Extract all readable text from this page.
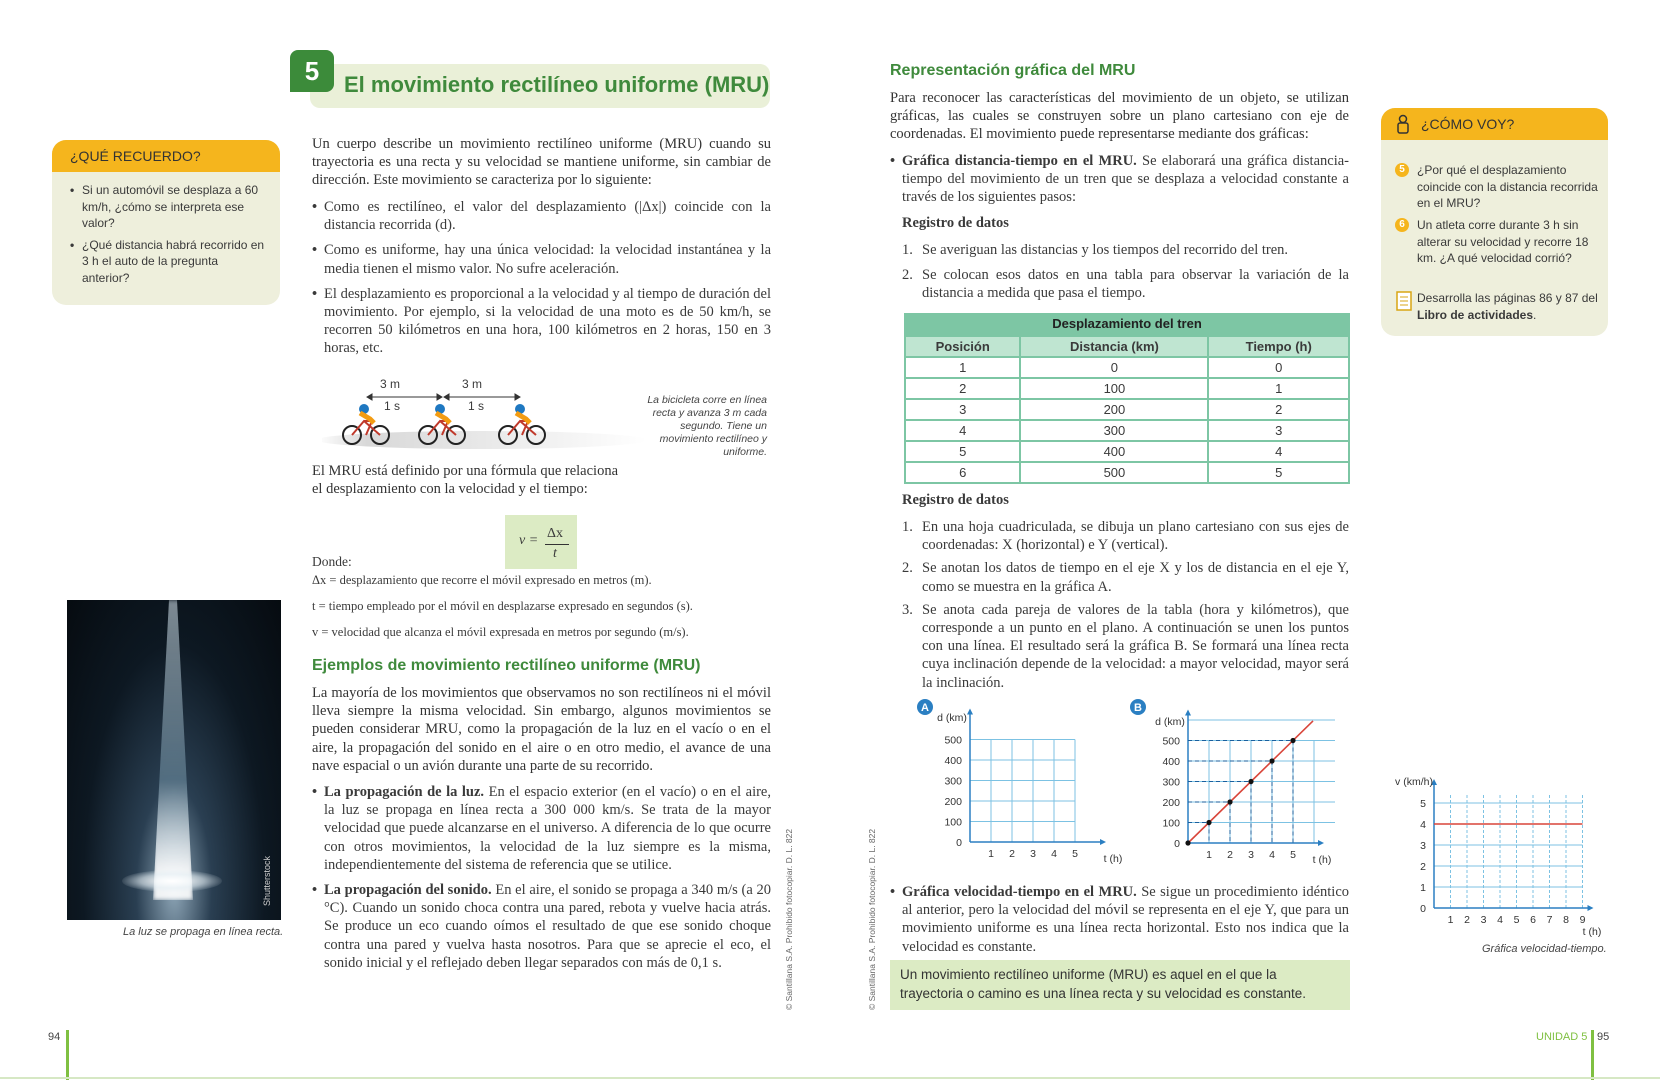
5	El movimiento rectilíneo uniforme (MRU)
¿QUÉ RECUERDO?
• Si un automóvil se desplaza a 60 km/h, ¿cómo se interpreta ese valor?
• ¿Qué distancia habrá recorrido en 3 h el auto de la pregunta anterior?

Un cuerpo describe un movimiento rectilíneo uniforme (MRU) cuando su trayectoria es una recta y su velocidad se mantiene uniforme, sin cambiar de dirección. Este movimiento se caracteriza por lo siguiente:

• Como es rectilíneo, el valor del desplazamiento (|Δx|) coincide con la distancia recorrida (d).
• Como es uniforme, hay una única velocidad: la velocidad instantánea y la media tienen el mismo valor. No sufre aceleración.
• El desplazamiento es proporcional a la velocidad y al tiempo de duración del movimiento. Por ejemplo, si la velocidad de una moto es de 50 km/h, se recorren 50 kilómetros en una hora, 100 kilómetros en 2 horas, 150 en 3 horas, etc.
3 m
1 s
3 m
1 s	La bicicleta corre en línea recta y avanza 3 m cada segundo. Tiene un movimiento rectilíneo y uniforme.

El MRU está definido por una fórmula que relaciona el desplazamiento con la velocidad y el tiempo:

v = Δx
t
Donde:
Δx = desplazamiento que recorre el móvil expresado en metros (m).
t = tiempo empleado por el móvil en desplazarse expresado en segundos (s).
v = velocidad que alcanza el móvil expresada en metros por segundo (m/s).
Ejemplos de movimiento rectilíneo uniforme (MRU)

La mayoría de los movimientos que observamos no son rectilíneos ni el móvil lleva siempre la misma velocidad. Sin embargo, algunos movimientos se pueden considerar MRU, como la propagación de la luz en el vacío o en el aire, la propagación del sonido en el aire o en otro medio, el avance de una nave espacial o un avión durante una parte de su recorrido.

• La propagación de la luz. En el espacio exterior (en el vacío) o en el aire, la luz se propaga en línea recta a 300 000 km/s. Se trata de la mayor velocidad que puede alcanzarse en el universo. A diferencia de lo que ocurre con otros movimientos, la velocidad de la luz siempre es la misma, independientemente del sistema de referencia que se utilice.
• La propagación del sonido. En el aire, el sonido se propaga a 340 m/s (a 20 °C). Cuando un sonido choca contra una pared, rebota y vuelve hacia atrás. Se produce un eco cuando oímos el resultado de que ese sonido choque contra una pared y vuelva hasta nosotros. Para que se aprecie el eco, el sonido inicial y el reflejado deben llegar separados con más de 0,1 s.
Shutterstock
La luz se propaga en línea recta.	© Santillana S.A. Prohibido fotocopiar. D. L. 822
94
Representación gráfica del MRU

Para reconocer las características del movimiento de un objeto, se utilizan gráficas, las cuales se construyen sobre un plano cartesiano con eje de coordenadas. El movimiento puede representarse mediante dos gráficas:

• Gráfica distancia-tiempo en el MRU. Se elaborará una gráfica distancia-tiempo del movimiento de un tren que se desplaza a velocidad constante a través de los siguientes pasos:
Registro de datos
1. Se averiguan las distancias y los tiempos del recorrido del tren.
2. Se colocan esos datos en una tabla para observar la variación de la distancia a medida que pasa el tiempo.
Desplazamiento del tren
Posición	Distancia (km)	Tiempo (h)
1	0	0
2	100	1
3	200	2
4	300	3
5	400	4
6	500	5
Registro de datos
1. En una hoja cuadriculada, se dibuja un plano cartesiano con sus ejes de coordenadas: X (horizontal) e Y (vertical).
2. Se anotan los datos de tiempo en el eje X y los de distancia en el eje Y, como se muestra en la gráfica A.
3. Se anota cada pareja de valores de la tabla (hora y kilómetros), que corresponde a un punto en el plano. A continuación se unen los puntos con una línea. El resultado será la gráfica B. Se formará una línea recta cuya inclinación depende de la velocidad: a mayor velocidad, mayor será la inclinación.
A
1 2 3 4 5
0
100
200
300
400
500
d (km)
t (h)
B
1 2 3 4 5
0
100
200
300
400
500
d (km)
t (h)
• Gráfica velocidad-tiempo en el MRU. Se sigue un procedimiento idéntico al anterior, pero la velocidad del móvil se representa en el eje Y, que para un movimiento uniforme es una línea recta horizontal. Esto nos indica que la velocidad es constante.
Un movimiento rectilíneo uniforme (MRU) es aquel en el que la trayectoria o camino es una línea recta y su velocidad es constante.
¿CÓMO VOY?
5	¿Por qué el desplazamiento coincide con la distancia recorrida en el MRU?
6	Un atleta corre durante 3 h sin alterar su velocidad y recorre 18 km. ¿A qué velocidad corrió?
Desarrolla las páginas 86 y 87 del Libro de actividades.
1 2 3 4 5 6 7 8 9
0
1
2
3
4
5
v (km/h)
t (h)
Gráfica velocidad-tiempo.
© Santillana S.A. Prohibido fotocopiar. D. L. 822
UNIDAD 5 95
